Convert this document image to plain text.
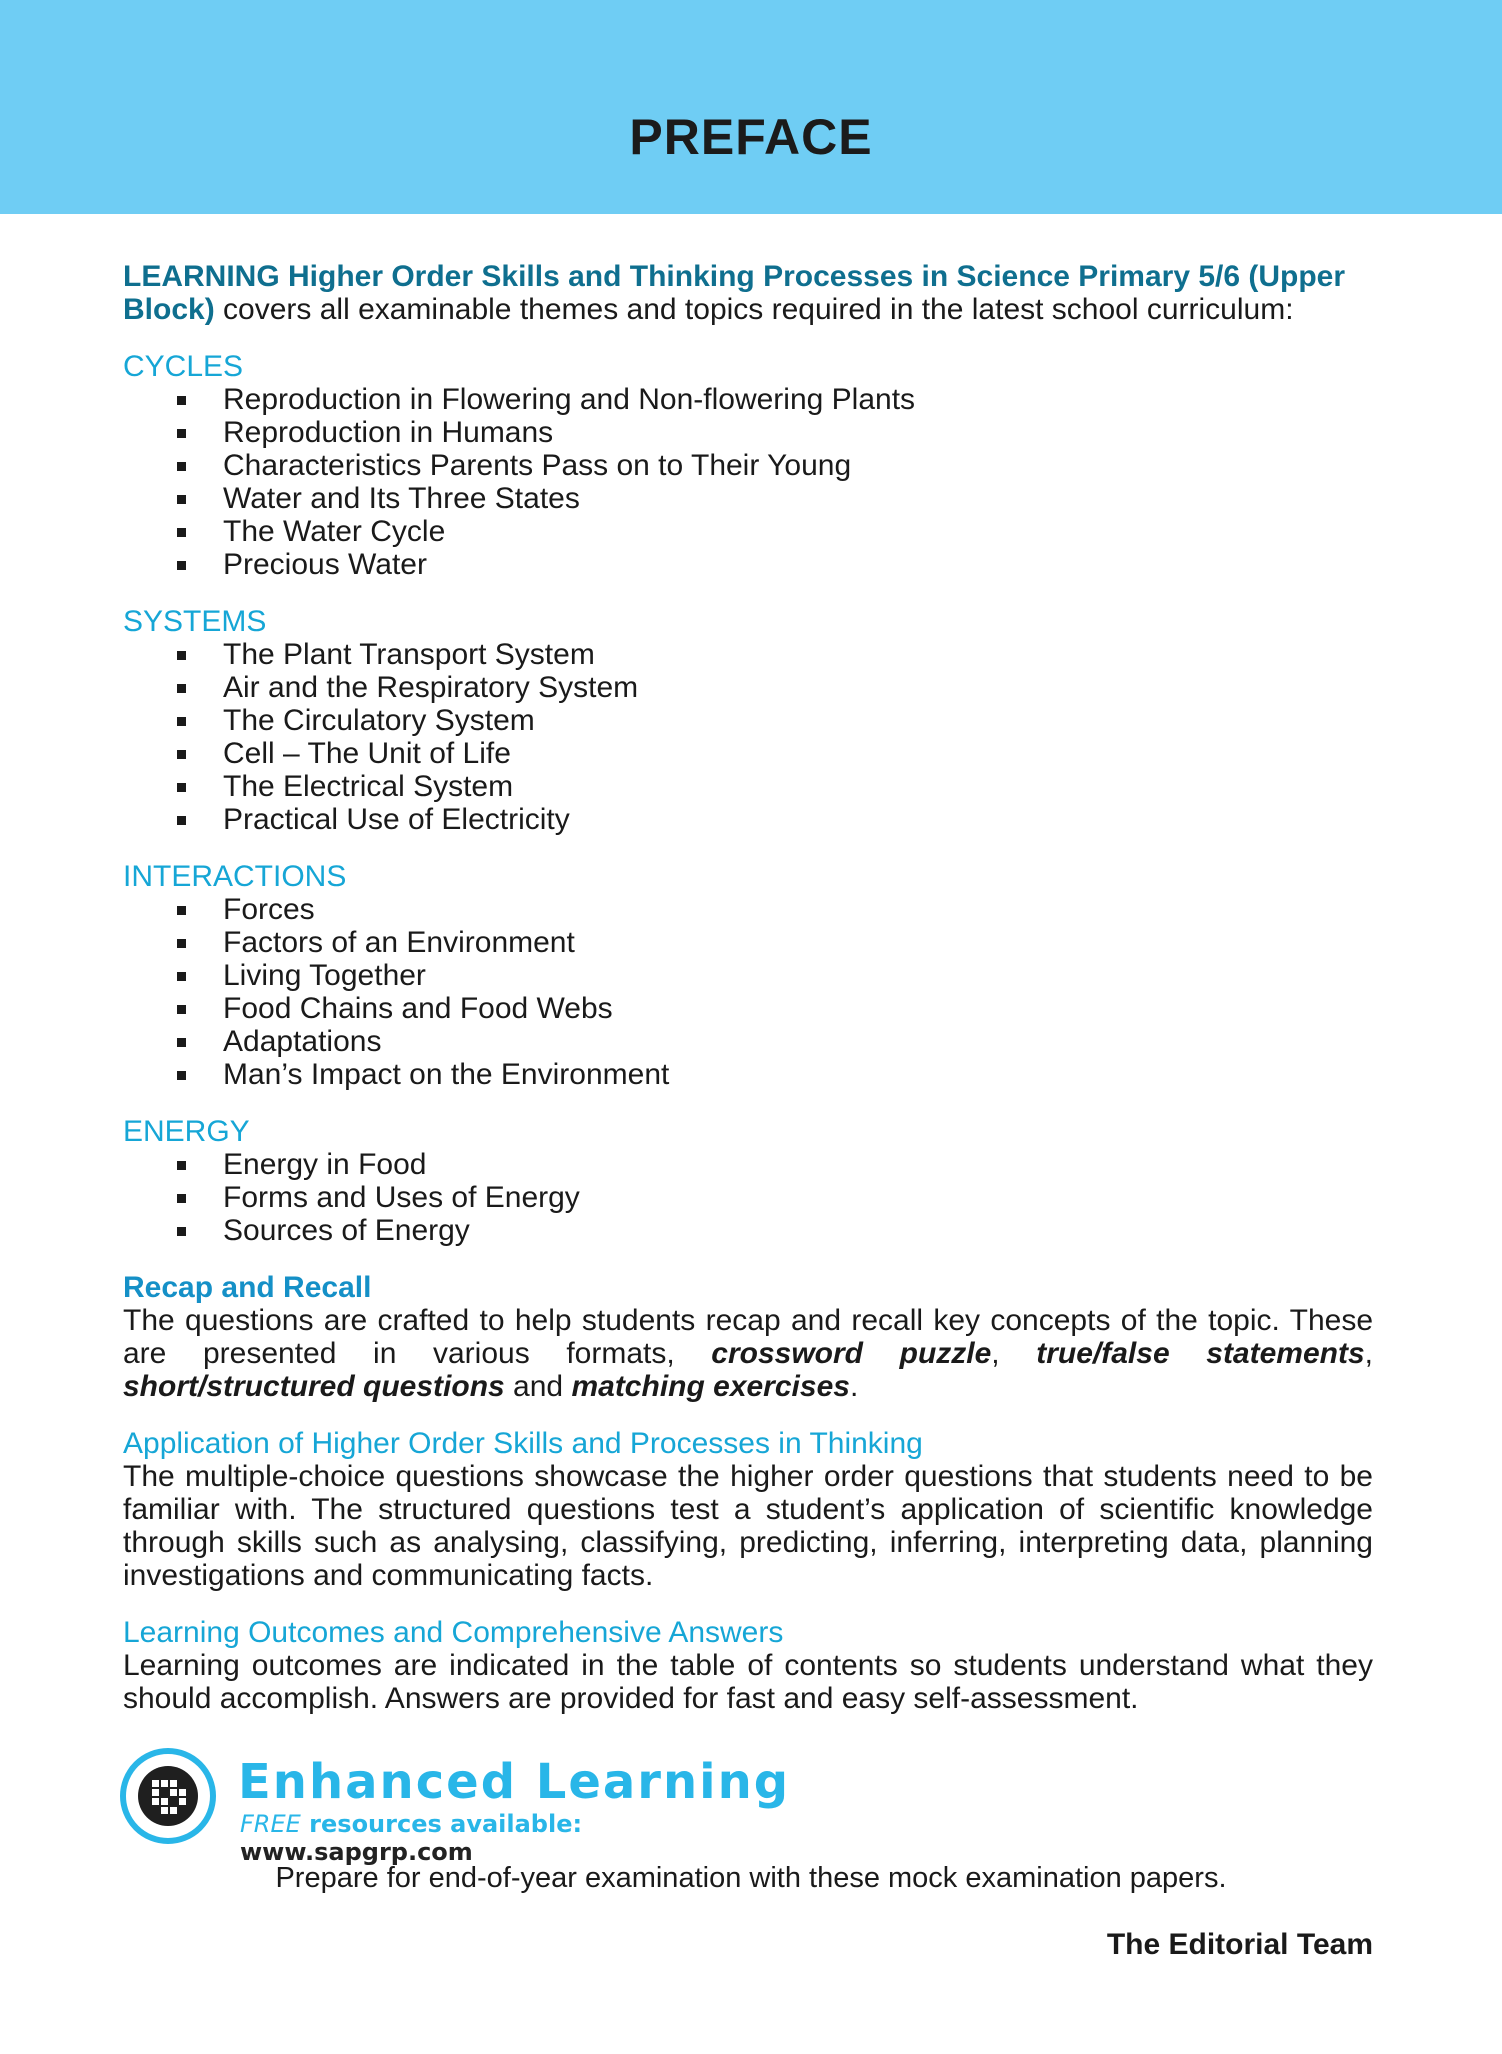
PREFACE

LEARNING Higher Order Skills and Thinking Processes in Science Primary 5/6 (Upper Block) covers all examinable themes and topics required in the latest school curriculum:

CYCLES

Reproduction in Flowering and Non-flowering Plants
Reproduction in Humans
Characteristics Parents Pass on to Their Young
Water and Its Three States
The Water Cycle
Precious Water

SYSTEMS

The Plant Transport System
Air and the Respiratory System
The Circulatory System
Cell – The Unit of Life
The Electrical System
Practical Use of Electricity

INTERACTIONS

Forces
Factors of an Environment
Living Together
Food Chains and Food Webs
Adaptations
Man’s Impact on the Environment

ENERGY

Energy in Food
Forms and Uses of Energy
Sources of Energy

Recap and Recall

The questions are crafted to help students recap and recall key concepts of the topic. These are presented in various formats, crossword puzzle, true/false statements, short/structured questions and matching exercises.

Application of Higher Order Skills and Processes in Thinking

The multiple-choice questions showcase the higher order questions that students need to be familiar with. The structured questions test a student’s application of scientific knowledge through skills such as analysing, classifying, predicting, inferring, interpreting data, planning investigations and communicating facts.

Learning Outcomes and Comprehensive Answers

Learning outcomes are indicated in the table of contents so students understand what they should accomplish. Answers are provided for fast and easy self-assessment.

Enhanced Learning
FREE resources available: www.sapgrp.com
Prepare for end-of-year examination with these mock examination papers.
The Editorial Team
